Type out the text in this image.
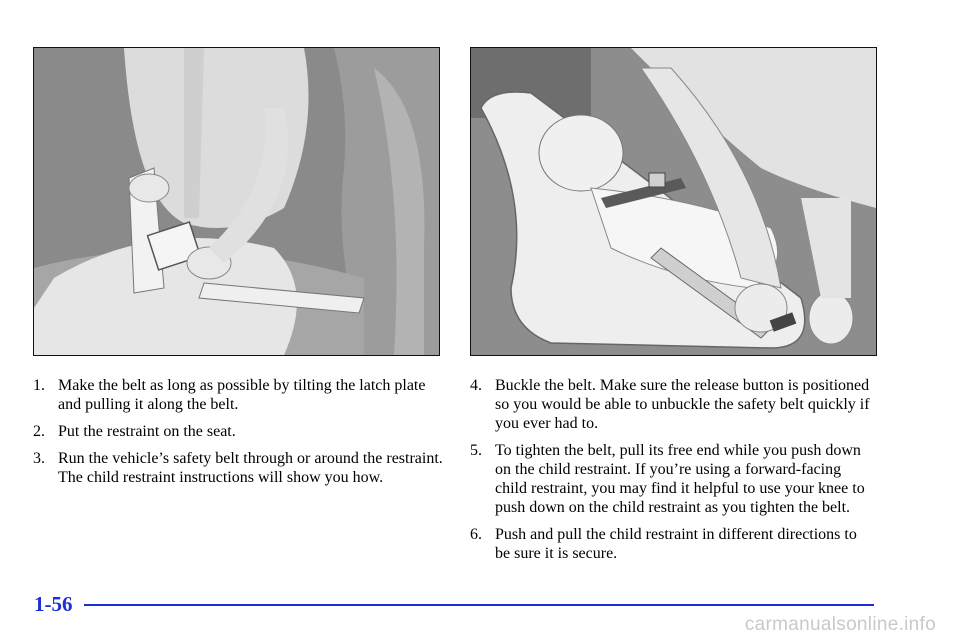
1. Make the belt as long as possible by tilting the latch plate and pulling it along the belt.
2. Put the restraint on the seat.
3. Run the vehicle’s safety belt through or around the restraint. The child restraint instructions will show you how.
4. Buckle the belt. Make sure the release button is positioned so you would be able to unbuckle the safety belt quickly if you ever had to.
5. To tighten the belt, pull its free end while you push down on the child restraint. If you’re using a forward-facing child restraint, you may find it helpful to use your knee to push down on the child restraint as you tighten the belt.
6. Push and pull the child restraint in different directions to be sure it is secure.
1-56
carmanualsonline.info
